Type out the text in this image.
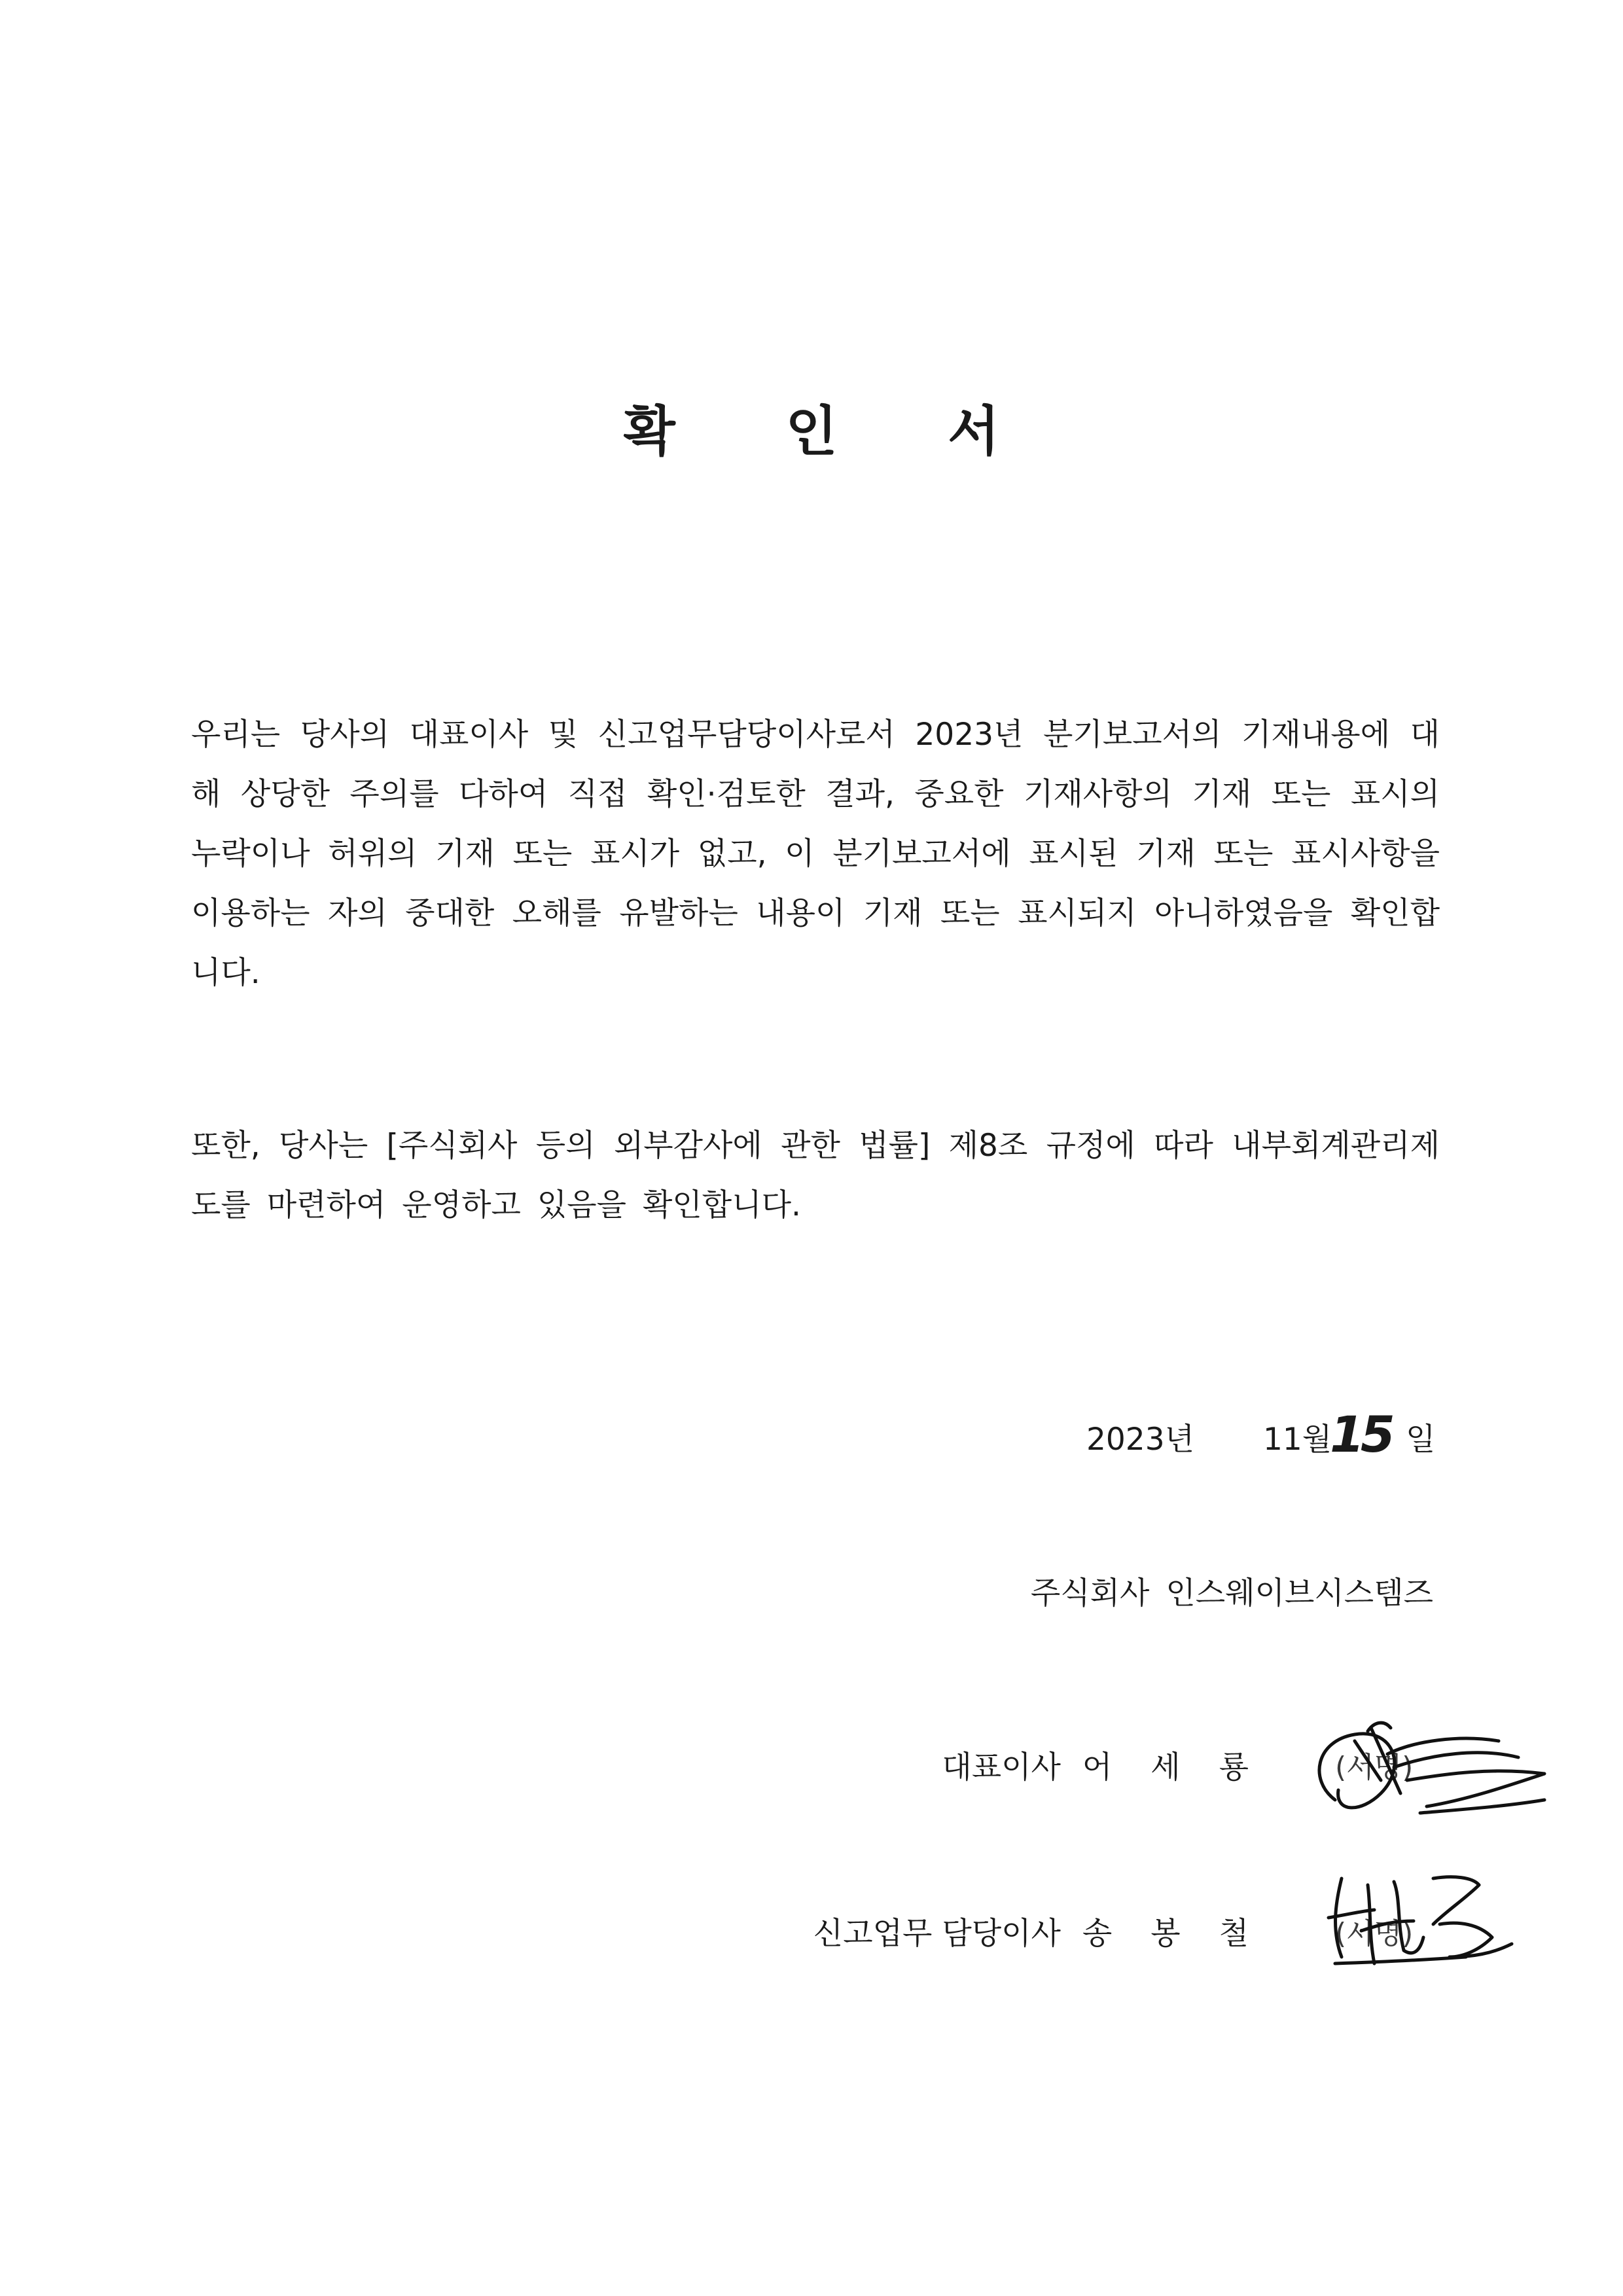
확 인 서

우리는 당사의 대표이사 및 신고업무담당이사로서 2023년 분기보고서의 기재내용에 대해 상당한 주의를 다하여 직접 확인·검토한 결과, 중요한 기재사항의 기재 또는 표시의 누락이나 허위의 기재 또는 표시가 없고, 이 분기보고서에 표시된 기재 또는 표시사항을 이용하는 자의 중대한 오해를 유발하는 내용이 기재 또는 표시되지 아니하였음을 확인합니다.

또한, 당사는 [주식회사 등의 외부감사에 관한 법률] 제8조 규정에 따라 내부회계관리제도를 마련하여 운영하고 있음을 확인합니다.

2023년 11월
15 일
주식회사 인스웨이브시스템즈
대표이사 어 세 룡	(서명)
신고업무 담당이사 송 봉 철	(서명)
